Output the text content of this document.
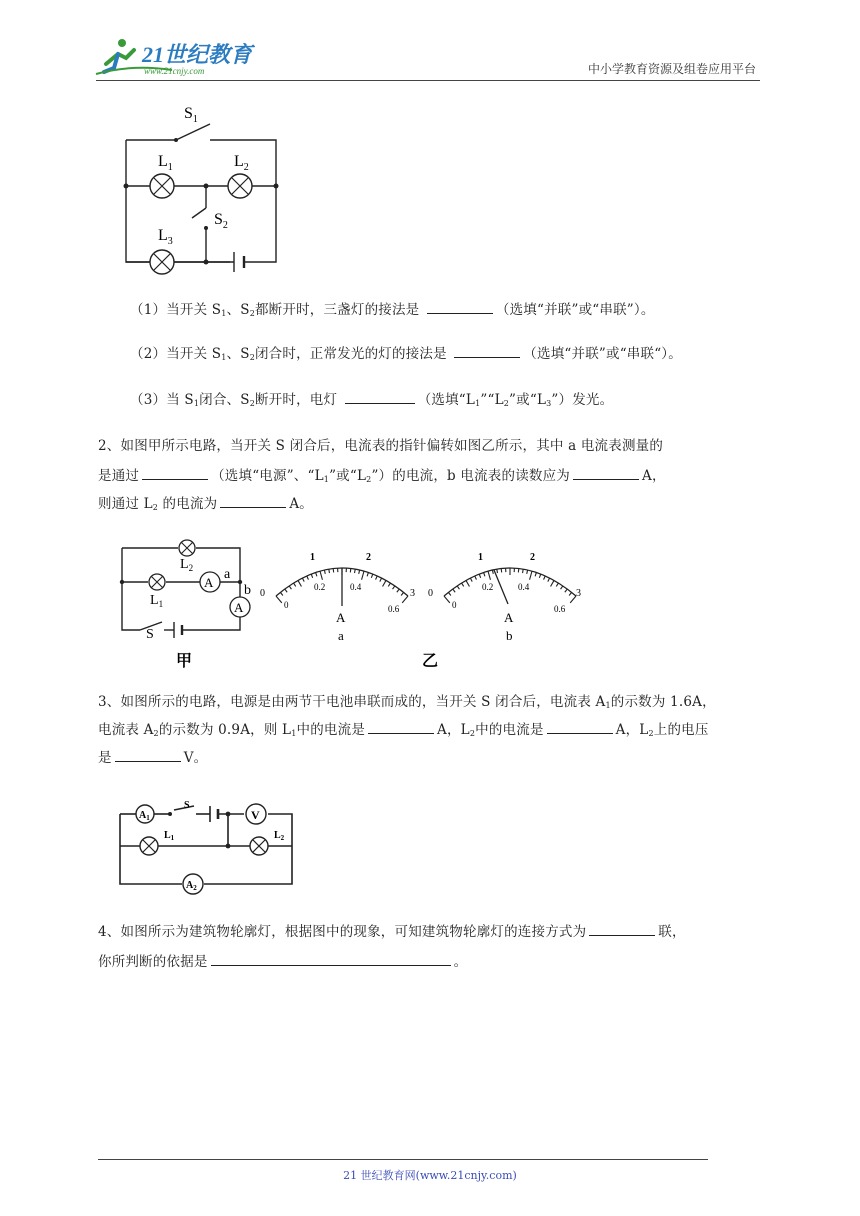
21世纪教育
www.21cnjy.com	中小学教育资源及组卷应用平台
$S_1$
$L_1$	$L_2$
$S_2$
$L_3$
（1）当开关 $S_1$、$S_2$都断开时，三盏灯的接法是	（选填“并联”或“串联”）。
（2）当开关 $S_1$、$S_2$闭合时，正常发光的灯的接法是	（选填“并联”或“串联“）。
（3）当 $S_1$闭合、$S_2$断开时，电灯	（选填“$L_1”“L_2$”或“$L_3$”）发光。
2、如图甲所示电路，当开关 S 闭合后，电流表的指针偏转如图乙所示，其中 a 电流表测量的
是通过	（选填“电源”、“$L_1$”或“$L_2$”）的电流，b 电流表的读数应为	A，
则通过 $L_2$ 的电流为	A。
A
A
$L_2$
$L_1$
a
b
S
甲	乙
0
1	2
3
0
0.2	0.4
0.6
A
a
0
1	2
3
0
0.2	0.4
0.6
A
b
3、如图所示的电路，电源是由两节干电池串联而成的，当开关 S 闭合后，电流表 $A_1$的示数为 1.6A，
电流表 $A_2$的示数为 0.9A，则 $L_1$中的电流是	A，$L_2$中的电流是	A，$L_2$上的电压
是	V。
$A_1$	V
$A_2$
S
$L_1$	$L_2$
4、如图所示为建筑物轮廓灯，根据图中的现象，可知建筑物轮廓灯的连接方式为	联，
你所判断的依据是	。
21 世纪教育网(www.21cnjy.com)
